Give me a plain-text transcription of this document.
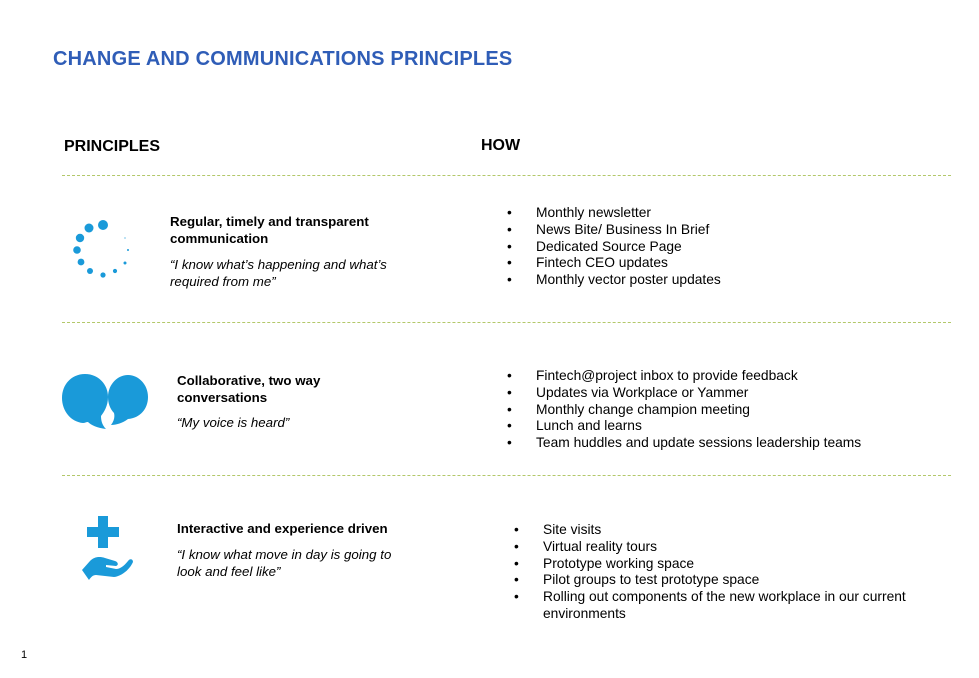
CHANGE AND COMMUNICATIONS PRINCIPLES
PRINCIPLES	HOW
Regular, timely and transparent communication
“I know what’s happening and what’s required from me”
• Monthly newsletter
• News Bite/ Business In Brief
• Dedicated Source Page
• Fintech CEO updates
• Monthly vector poster updates
Collaborative, two way conversations
“My voice is heard”
• Fintech@project inbox to provide feedback
• Updates via Workplace or Yammer
• Monthly change champion meeting
• Lunch and learns
• Team huddles and update sessions leadership teams
Interactive and experience driven
“I know what move in day is going to look and feel like”
• Site visits
• Virtual reality tours
• Prototype working space
• Pilot groups to test prototype space
• Rolling out components of the new workplace in our current environments
1
